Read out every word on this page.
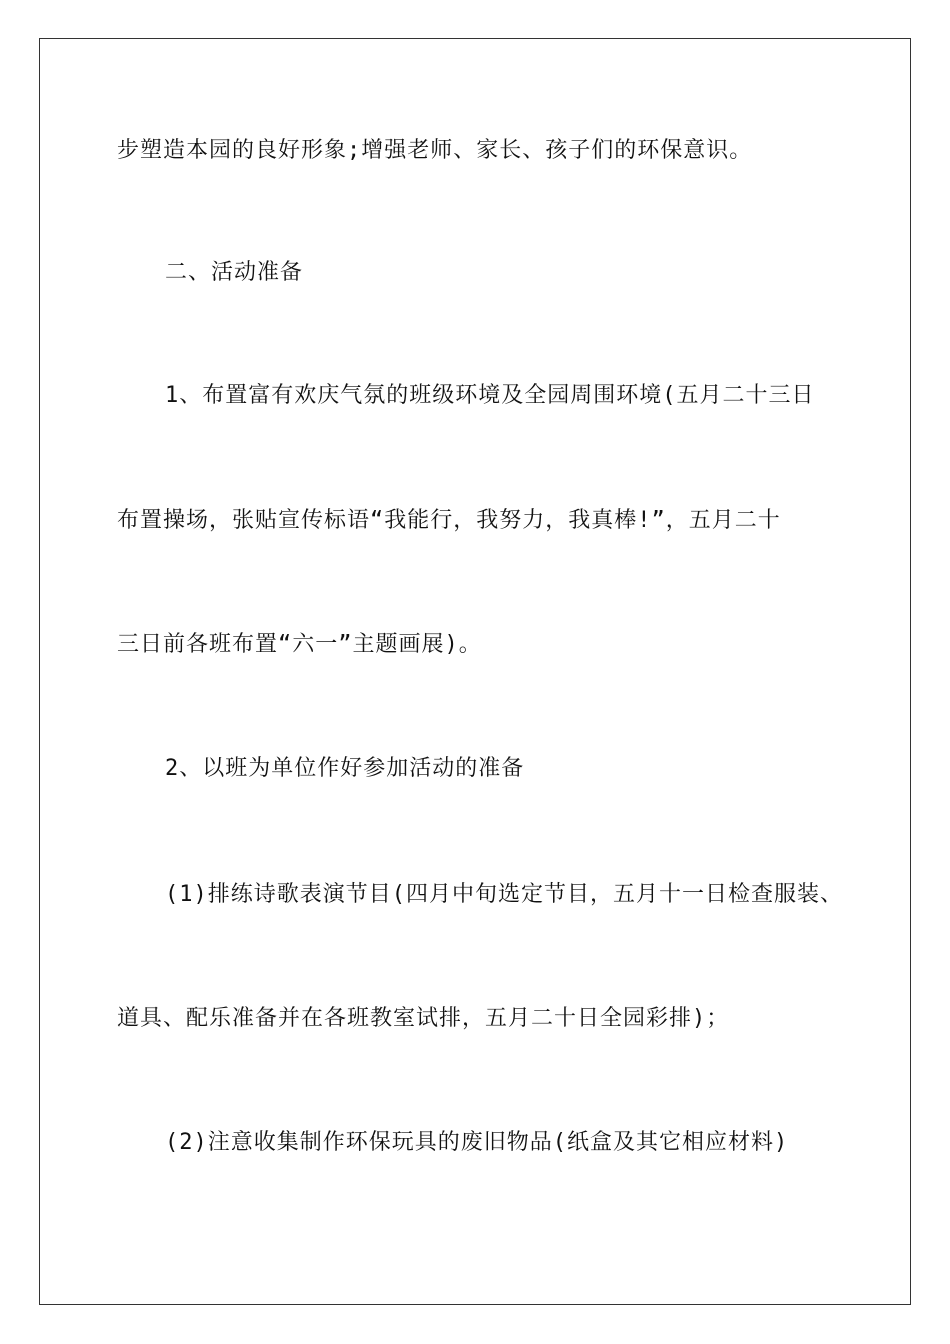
步塑造本园的良好形象;增强老师、家长、孩子们的环保意识。
二、活动准备
1、布置富有欢庆气氛的班级环境及全园周围环境(五月二十三日
布置操场，张贴宣传标语“我能行，我努力，我真棒!”，五月二十
三日前各班布置“六一”主题画展)。
2、以班为单位作好参加活动的准备
(1)排练诗歌表演节目(四月中旬选定节目，五月十一日检查服装、
道具、配乐准备并在各班教室试排，五月二十日全园彩排)；
(2)注意收集制作环保玩具的废旧物品(纸盒及其它相应材料)
